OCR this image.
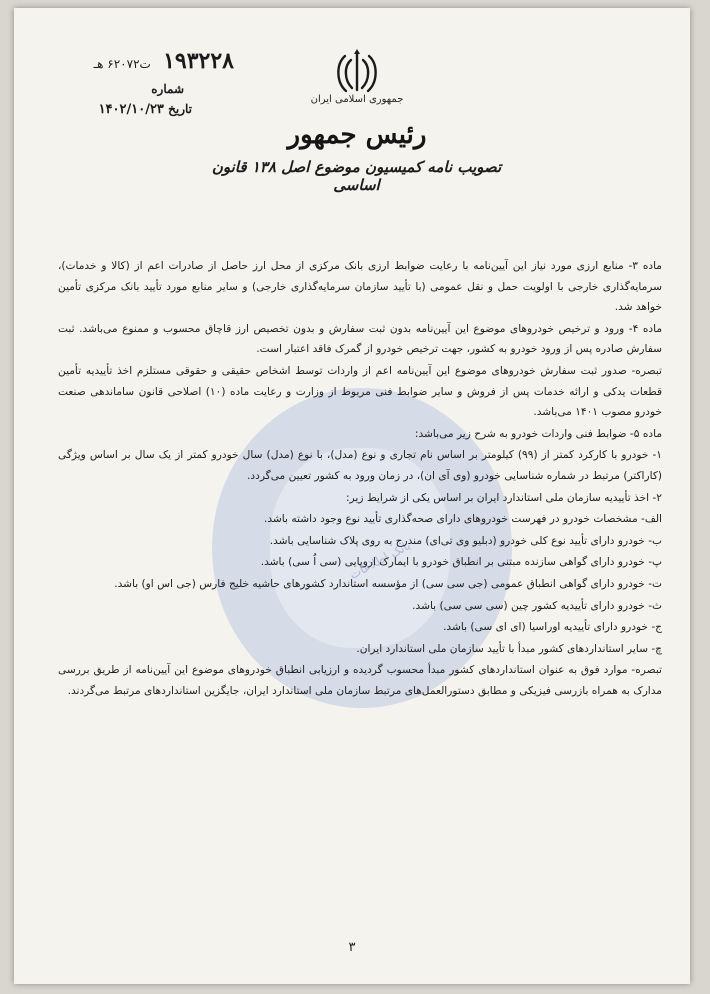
۱۹۳۲۲۸ ت۶۲۰۷۲ هـ
شماره
تاریخ ۱۴۰۲/۱۰/۲۳
جمهوری اسلامی ایران
رئیس جمهور
تصویب نامه کمیسیون موضوع اصل ۱۳۸ قانون اساسی
بانک اطلاعات

ماده ۳- منابع ارزی مورد نیاز این آیین‌نامه با رعایت ضوابط ارزی بانک مرکزی از محل ارز حاصل از صادرات اعم از (کالا و خدمات)، سرمایه‌گذاری خارجی با اولویت حمل و نقل عمومی (با تأیید سازمان سرمایه‌گذاری خارجی) و سایر منابع مورد تأیید بانک مرکزی تأمین خواهد شد.

ماده ۴- ورود و ترخیص خودروهای موضوع این آیین‌نامه بدون ثبت سفارش و بدون تخصیص ارز قاچاق محسوب و ممنوع می‌باشد. ثبت سفارش صادره پس از ورود خودرو به کشور، جهت ترخیص خودرو از گمرک فاقد اعتبار است.

تبصره- صدور ثبت سفارش خودروهای موضوع این آیین‌نامه اعم از واردات توسط اشخاص حقیقی و حقوقی مستلزم اخذ تأییدیه تأمین قطعات یدکی و ارائه خدمات پس از فروش و سایر ضوابط فنی مربوط از وزارت و رعایت ماده (۱۰) اصلاحی قانون ساماندهی صنعت خودرو مصوب ۱۴۰۱ می‌باشد.

ماده ۵- ضوابط فنی واردات خودرو به شرح زیر می‌باشد:

۱- خودرو با کارکرد کمتر از (۹۹) کیلومتر بر اساس نام تجاری و نوع (مدل)، با نوع (مدل) سال خودرو کمتر از یک سال بر اساس ویژگی (کاراکتر) مرتبط در شماره شناسایی خودرو (وی آی ان)، در زمان ورود به کشور تعیین می‌گردد.

۲- اخذ تأییدیه سازمان ملی استاندارد ایران بر اساس یکی از شرایط زیر:

الف- مشخصات خودرو در فهرست خودروهای دارای صحه‌گذاری تأیید نوع وجود داشته باشد.

ب- خودرو دارای تأیید نوع کلی خودرو (دبلیو وی تی‌ای) مندرج به روی پلاک شناسایی باشد.

پ- خودرو دارای گواهی سازنده مبتنی بر انطباق خودرو با ایمارک اروپایی (سی اُ سی) باشد.

ت- خودرو دارای گواهی انطباق عمومی (جی سی سی) از مؤسسه استاندارد کشورهای حاشیه خلیج فارس (جی اس او) باشد.

ث- خودرو دارای تأییدیه کشور چین (سی سی سی) باشد.

ج- خودرو دارای تأییدیه اوراسیا (ای ای سی) باشد.

چ- سایر استانداردهای کشور مبدأ با تأیید سازمان ملی استاندارد ایران.

تبصره- موارد فوق به عنوان استانداردهای کشور مبدأ محسوب گردیده و ارزیابی انطباق خودروهای موضوع این آیین‌نامه از طریق بررسی مدارک به همراه بازرسی فیزیکی و مطابق دستورالعمل‌های مرتبط سازمان ملی استاندارد ایران، جایگزین استانداردهای مرتبط می‌گردند.

۳
